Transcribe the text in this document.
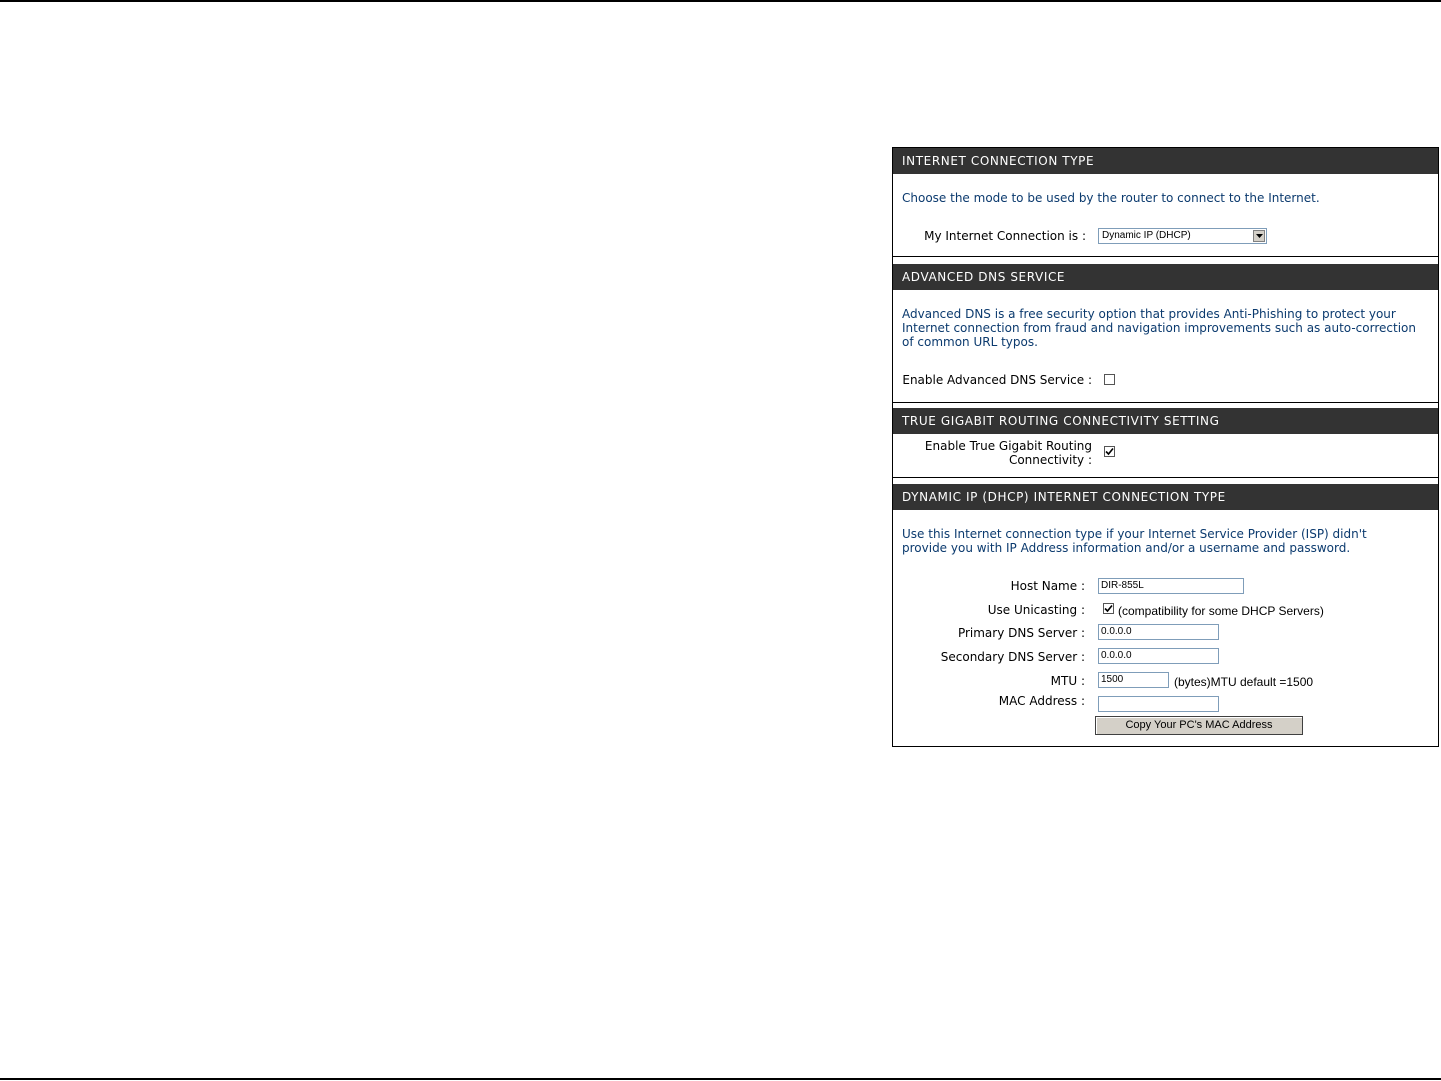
INTERNET CONNECTION TYPE
Choose the mode to be used by the router to connect to the Internet.
My Internet Connection is : Dynamic IP (DHCP)
ADVANCED DNS SERVICE
Advanced DNS is a free security option that provides Anti-Phishing to protect your Internet connection from fraud and navigation improvements such as auto-correction of common URL typos.
Enable Advanced DNS Service :
TRUE GIGABIT ROUTING CONNECTIVITY SETTING
Enable True Gigabit Routing
Connectivity :
DYNAMIC IP (DHCP) INTERNET CONNECTION TYPE
Use this Internet connection type if your Internet Service Provider (ISP) didn't provide you with IP Address information and/or a username and password.
Host Name :	DIR-855L
Use Unicasting :	(compatibility for some DHCP Servers)
Primary DNS Server :	0.0.0.0
Secondary DNS Server :	0.0.0.0
MTU :	1500	(bytes)MTU default =1500
MAC Address :
Copy Your PC's MAC Address
